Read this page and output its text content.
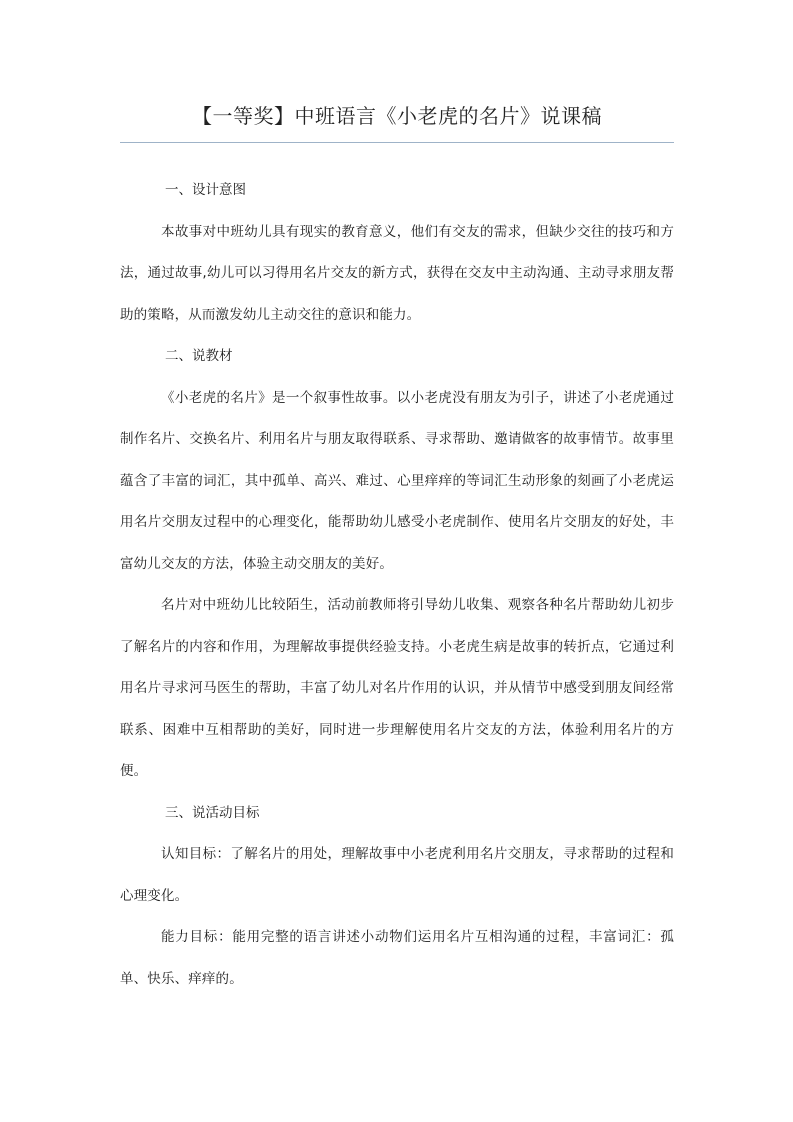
【一等奖】中班语言《小老虎的名片》说课稿

一、设计意图

本故事对中班幼儿具有现实的教育意义，他们有交友的需求，但缺少交往的技巧和方法，通过故事,幼儿可以习得用名片交友的新方式，获得在交友中主动沟通、主动寻求朋友帮助的策略，从而激发幼儿主动交往的意识和能力。

二、说教材

《小老虎的名片》是一个叙事性故事。以小老虎没有朋友为引子，讲述了小老虎通过制作名片、交换名片、利用名片与朋友取得联系、寻求帮助、邀请做客的故事情节。故事里蕴含了丰富的词汇，其中孤单、高兴、难过、心里痒痒的等词汇生动形象的刻画了小老虎运用名片交朋友过程中的心理变化，能帮助幼儿感受小老虎制作、使用名片交朋友的好处，丰富幼儿交友的方法，体验主动交朋友的美好。

名片对中班幼儿比较陌生，活动前教师将引导幼儿收集、观察各种名片帮助幼儿初步了解名片的内容和作用，为理解故事提供经验支持。小老虎生病是故事的转折点，它通过利用名片寻求河马医生的帮助，丰富了幼儿对名片作用的认识，并从情节中感受到朋友间经常联系、困难中互相帮助的美好，同时进一步理解使用名片交友的方法，体验利用名片的方便。

三、说活动目标

认知目标：了解名片的用处，理解故事中小老虎利用名片交朋友，寻求帮助的过程和心理变化。

能力目标：能用完整的语言讲述小动物们运用名片互相沟通的过程，丰富词汇：孤单、快乐、痒痒的。
